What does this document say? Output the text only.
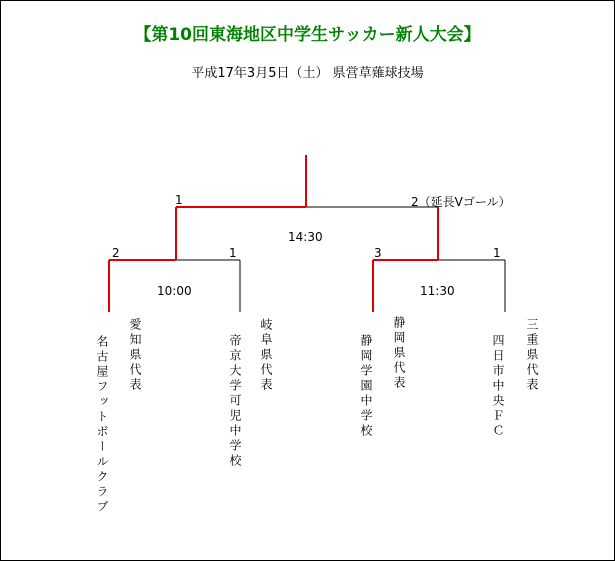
【第10回東海地区中学生サッカー新人大会】
平成17年3月5日（土） 県営草薙球技場
1	2（延長Vゴール）
14:30
2	1
10:00
3	1
11:30
名古屋フットボールクラブ 愛知県代表	帝京大学可児中学校 岐阜県代表	静岡学園中学校 静岡県代表	四日市中央ＦＣ 三重県代表
